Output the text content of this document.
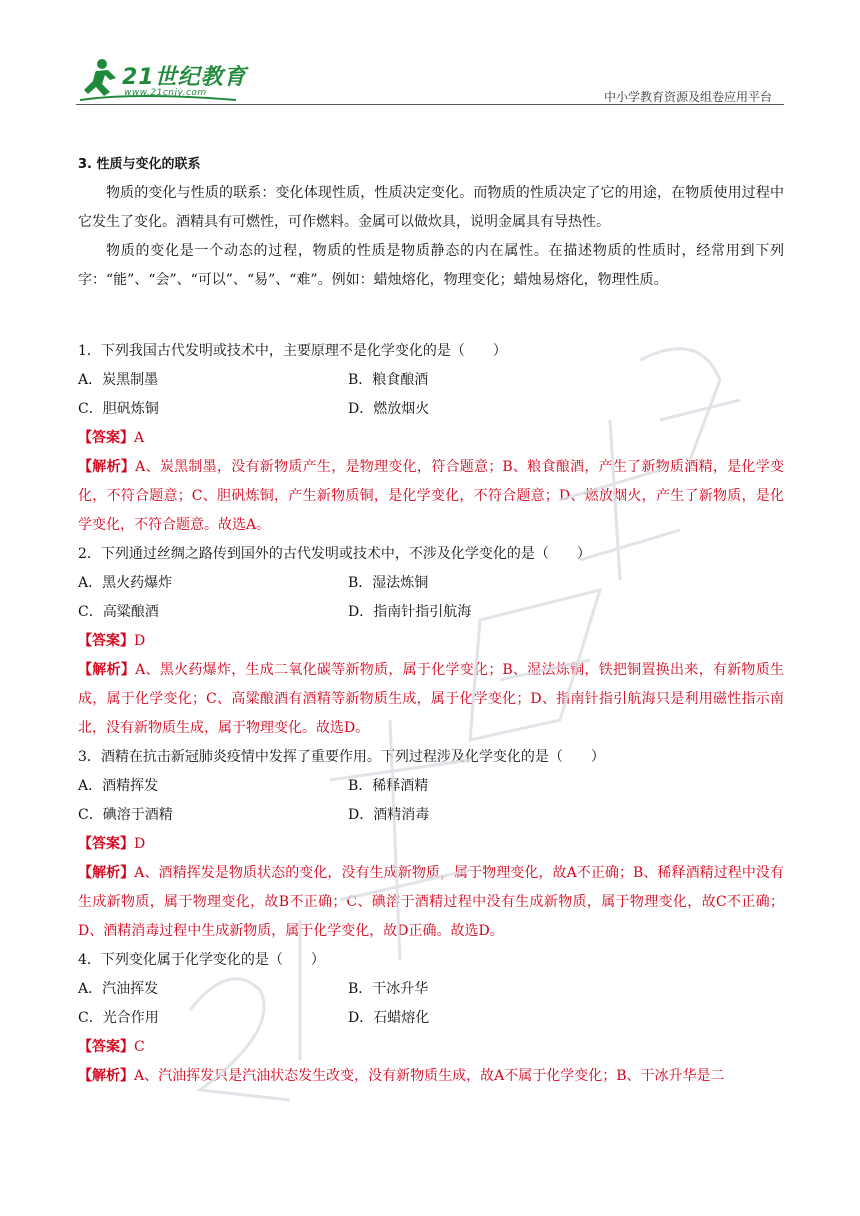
21世纪教育
www.21cnjy.com	中小学教育资源及组卷应用平台

3. 性质与变化的联系

物质的变化与性质的联系：变化体现性质，性质决定变化。而物质的性质决定了它的用途，在物质使用过程中它发生了变化。酒精具有可燃性，可作燃料。金属可以做炊具，说明金属具有导热性。

物质的变化是一个动态的过程，物质的性质是物质静态的内在属性。在描述物质的性质时，经常用到下列字：“能”、“会”、“可以”、“易”、“难”。例如：蜡烛熔化，物理变化；蜡烛易熔化，物理性质。

1．下列我国古代发明或技术中，主要原理不是化学变化的是（　　）

A．炭黑制墨	B．粮食酿酒
C．胆矾炼铜	D．燃放烟火

【答案】A

【解析】A、炭黑制墨，没有新物质产生，是物理变化，符合题意；B、粮食酿酒，产生了新物质酒精，是化学变化，不符合题意；C、胆矾炼铜，产生新物质铜，是化学变化，不符合题意；D、燃放烟火，产生了新物质，是化学变化，不符合题意。故选A。

2．下列通过丝绸之路传到国外的古代发明或技术中，不涉及化学变化的是（　　）

A．黑火药爆炸	B．湿法炼铜
C．高粱酿酒	D．指南针指引航海

【答案】D

【解析】A、黑火药爆炸，生成二氧化碳等新物质，属于化学变化；B、湿法炼铜，铁把铜置换出来，有新物质生成，属于化学变化；C、高粱酿酒有酒精等新物质生成，属于化学变化；D、指南针指引航海只是利用磁性指示南北，没有新物质生成，属于物理变化。故选D。

3．酒精在抗击新冠肺炎疫情中发挥了重要作用。下列过程涉及化学变化的是（　　）

A．酒精挥发	B．稀释酒精
C．碘溶于酒精	D．酒精消毒

【答案】D

【解析】A、酒精挥发是物质状态的变化，没有生成新物质，属于物理变化，故A不正确；B、稀释酒精过程中没有生成新物质，属于物理变化，故B不正确；C、碘溶于酒精过程中没有生成新物质，属于物理变化，故C不正确；D、酒精消毒过程中生成新物质，属于化学变化，故D正确。故选D。

4．下列变化属于化学变化的是（　　）

A．汽油挥发	B．干冰升华
C．光合作用	D．石蜡熔化

【答案】C

【解析】A、汽油挥发只是汽油状态发生改变，没有新物质生成，故A不属于化学变化；B、干冰升华是二
